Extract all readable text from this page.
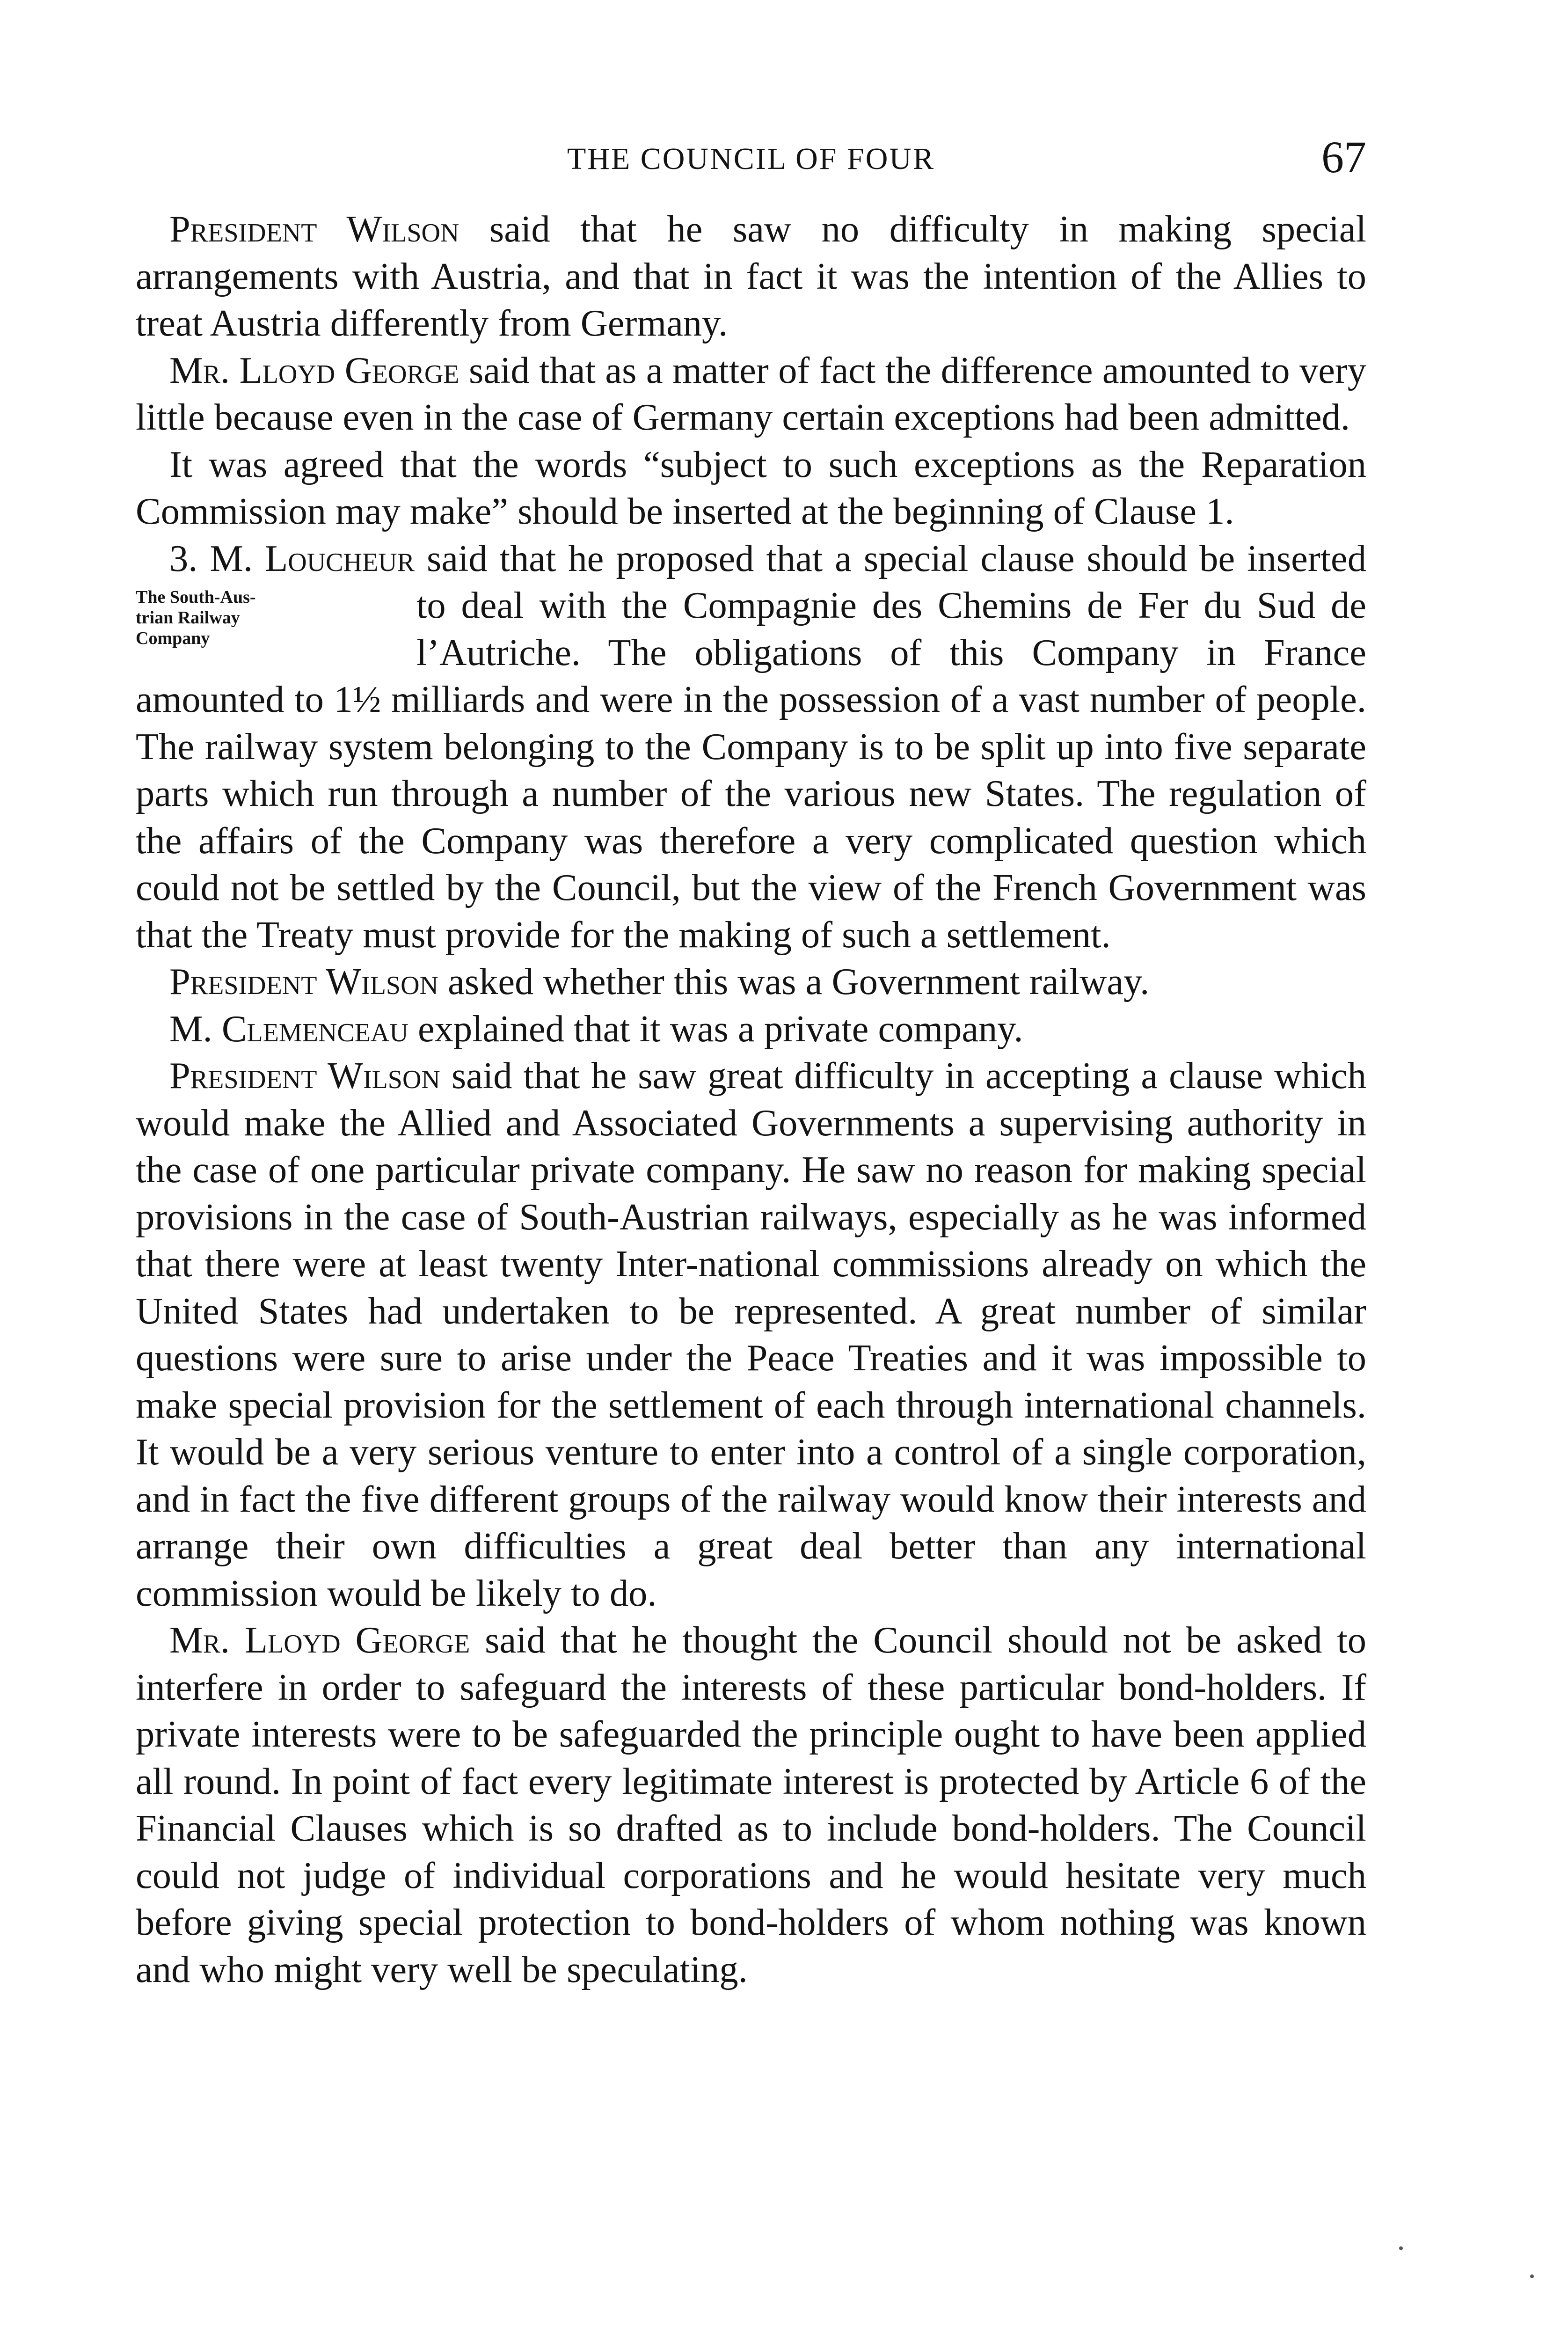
THE COUNCIL OF FOUR	67

President Wilson said that he saw no difficulty in making special arrangements with Austria, and that in fact it was the intention of the Allies to treat Austria differently from Germany.

Mr. Lloyd George said that as a matter of fact the difference amounted to very little because even in the case of Germany certain exceptions had been admitted.

It was agreed that the words “subject to such exceptions as the Reparation Commission may make” should be inserted at the beginning of Clause 1.

3. M. Loucheur said that he proposed that a special clause should be inserted to deal with the Compagnie des Chemins de Fer du Sud
The South-Aus-
trian Railway
Company
de l’Autriche. The obligations of this Company in France amounted to 1½ milliards and were in the possession of a vast number of people. The railway system belonging to the Company is to be split up into five separate parts which run through a number of the various new States. The regulation of the affairs of the Company was therefore a very complicated question which could not be settled by the Council, but the view of the French Government was that the Treaty must provide for the making of such a settlement.

President Wilson asked whether this was a Government railway.

M. Clemenceau explained that it was a private company.

President Wilson said that he saw great difficulty in accepting a clause which would make the Allied and Associated Governments a supervising authority in the case of one particular private company. He saw no reason for making special provisions in the case of South-Austrian railways, especially as he was informed that there were at least twenty Inter-national commissions already on which the United States had undertaken to be represented. A great number of similar questions were sure to arise under the Peace Treaties and it was impossible to make special provision for the settlement of each through international channels. It would be a very serious venture to enter into a control of a single corporation, and in fact the five different groups of the railway would know their interests and arrange their own difficulties a great deal better than any international commission would be likely to do.

Mr. Lloyd George said that he thought the Council should not be asked to interfere in order to safeguard the interests of these particular bond-holders. If private interests were to be safeguarded the principle ought to have been applied all round. In point of fact every legitimate interest is protected by Article 6 of the Financial Clauses which is so drafted as to include bond-holders. The Council could not judge of individual corporations and he would hesitate very much before giving special protection to bond-holders of whom nothing was known and who might very well be speculating.
